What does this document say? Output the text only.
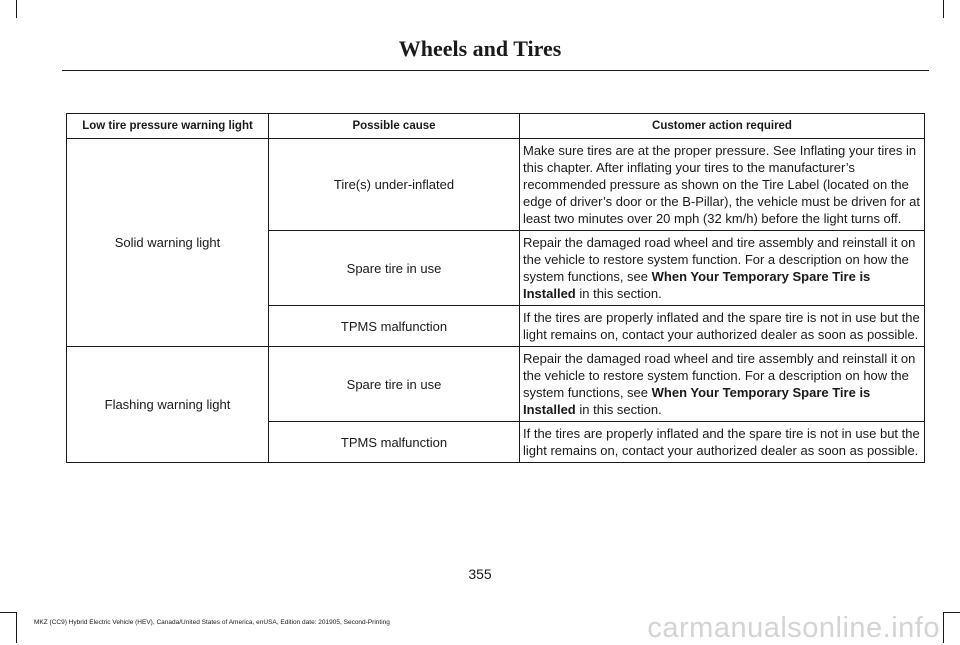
Wheels and Tires
Low tire pressure warning light	Possible cause	Customer action required
Solid warning light	Tire(s) under-inflated	Make sure tires are at the proper pressure. See Inflating your tires in this chapter. After inflating your tires to the manufacturer’s recommended pressure as shown on the Tire Label (located on the edge of driver’s door or the B-Pillar), the vehicle must be driven for at least two minutes over 20 mph (32 km/h) before the light turns off.
	Spare tire in use	Repair the damaged road wheel and tire assembly and reinstall it on the vehicle to restore system function. For a description on how the system functions, see When Your Temporary Spare Tire is Installed in this section.
	TPMS malfunction	If the tires are properly inflated and the spare tire is not in use but the light remains on, contact your authorized dealer as soon as possible.
Flashing warning light	Spare tire in use	Repair the damaged road wheel and tire assembly and reinstall it on the vehicle to restore system function. For a description on how the system functions, see When Your Temporary Spare Tire is Installed in this section.
	TPMS malfunction	If the tires are properly inflated and the spare tire is not in use but the light remains on, contact your authorized dealer as soon as possible.
355
MKZ (CC9) Hybrid Electric Vehicle (HEV), Canada/United States of America, enUSA, Edition date: 201905, Second-Printing	carmanualsonline.info
